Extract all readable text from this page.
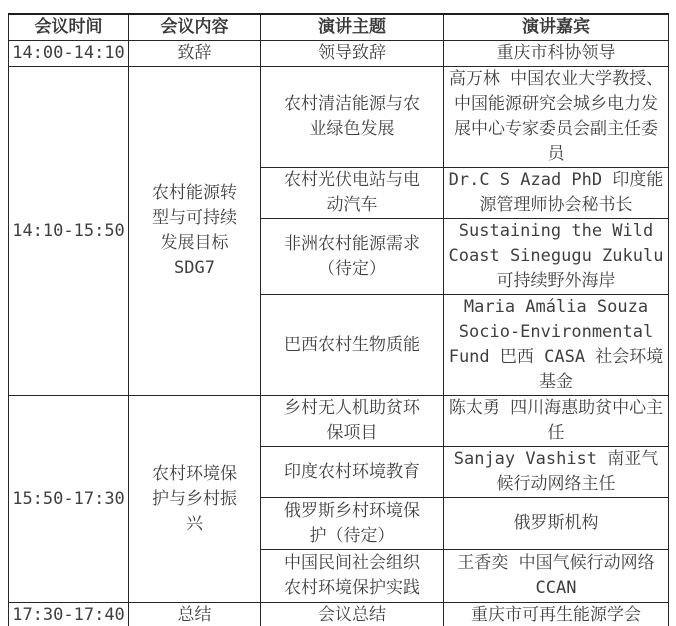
会议时间	会议内容	演讲主题	演讲嘉宾
14:00-14:10	致辞	领导致辞	重庆市科协领导
14:10-15:50	农村能源转型与可持续发展目标SDG7	农村清洁能源与农业绿色发展	高万林 中国农业大学教授、中国能源研究会城乡电力发展中心专家委员会副主任委员
		农村光伏电站与电动汽车	Dr.C S Azad PhD 印度能源管理师协会秘书长
		非洲农村能源需求（待定）	Sustaining the Wild Coast Sinegugu Zukulu 可持续野外海岸
		巴西农村生物质能	Maria Amália Souza Socio-Environmental Fund 巴西 CASA 社会环境基金
15:50-17:30	农村环境保护与乡村振兴	乡村无人机助贫环保项目	陈太勇 四川海惠助贫中心主任
		印度农村环境教育	Sanjay Vashist 南亚气候行动网络主任
		俄罗斯乡村环境保护（待定）	俄罗斯机构
		中国民间社会组织农村环境保护实践	王香奕 中国气候行动网络 CCAN
17:30-17:40	总结	会议总结	重庆市可再生能源学会
